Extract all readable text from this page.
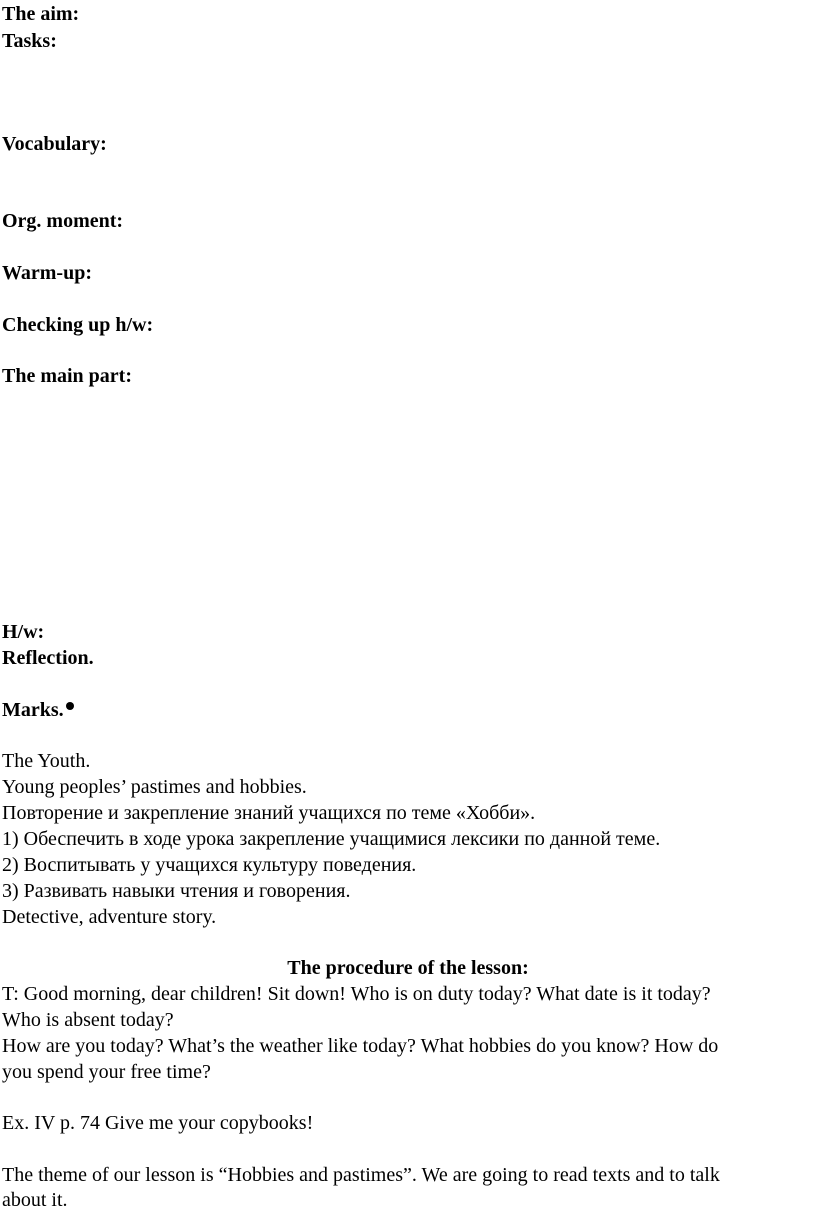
The aim:
Tasks:
Vocabulary:
Org. moment:
Warm-up:
Checking up h/w:
The main part:
H/w:
Reflection.
Marks.
The Youth.
Young peoples’ pastimes and hobbies.
Повторение и закрепление знаний учащихся по теме «Хобби».
1) Обеспечить в ходе урока закрепление учащимися лексики по данной теме.
2) Воспитывать у учащихся культуру поведения.
3) Развивать навыки чтения и говорения.
Detective, adventure story.
The procedure of the lesson:
T: Good morning, dear children! Sit down! Who is on duty today? What date is it today?
Who is absent today?
How are you today? What’s the weather like today? What hobbies do you know? How do
you spend your free time?
Ex. IV p. 74 Give me your copybooks!
The theme of our lesson is “Hobbies and pastimes”. We are going to read texts and to talk
about it.
